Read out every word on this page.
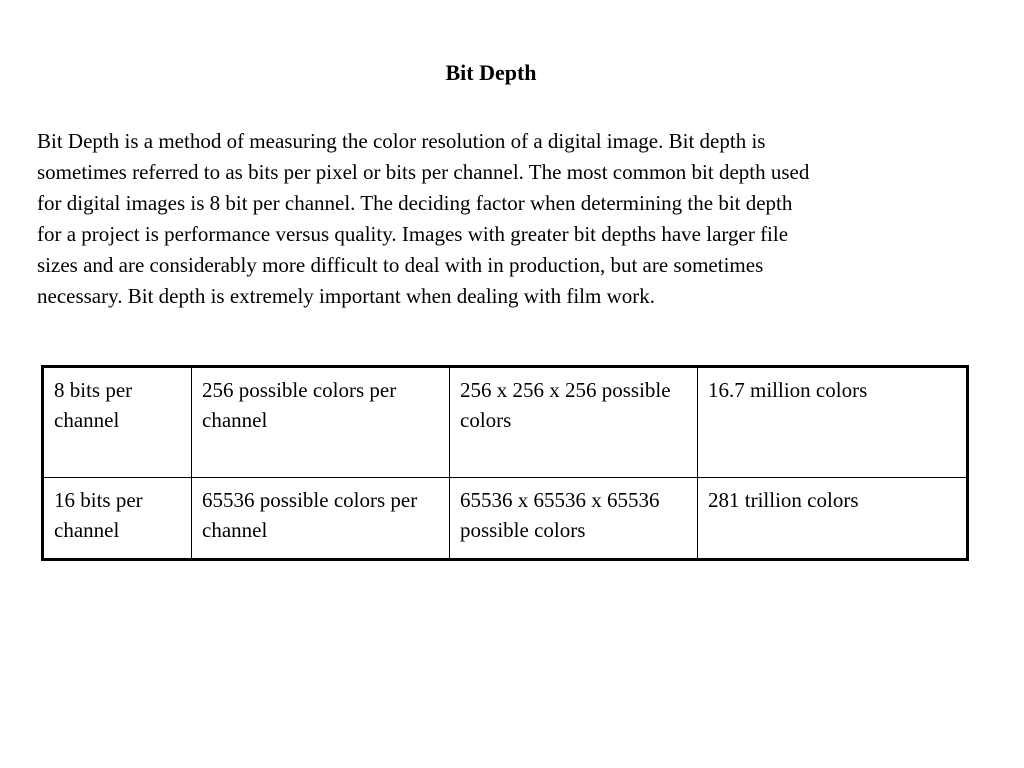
Bit Depth

Bit Depth is a method of measuring the color resolution of a digital image. Bit depth is
sometimes referred to as bits per pixel or bits per channel. The most common bit depth used
for digital images is 8 bit per channel. The deciding factor when determining the bit depth
for a project is performance versus quality. Images with greater bit depths have larger file
sizes and are considerably more difficult to deal with in production, but are sometimes
necessary. Bit depth is extremely important when dealing with film work.

8 bits per channel	256 possible colors per channel	256 x 256 x 256 possible colors	16.7 million colors
16 bits per channel	65536 possible colors per channel	65536 x 65536 x 65536 possible colors	281 trillion colors
